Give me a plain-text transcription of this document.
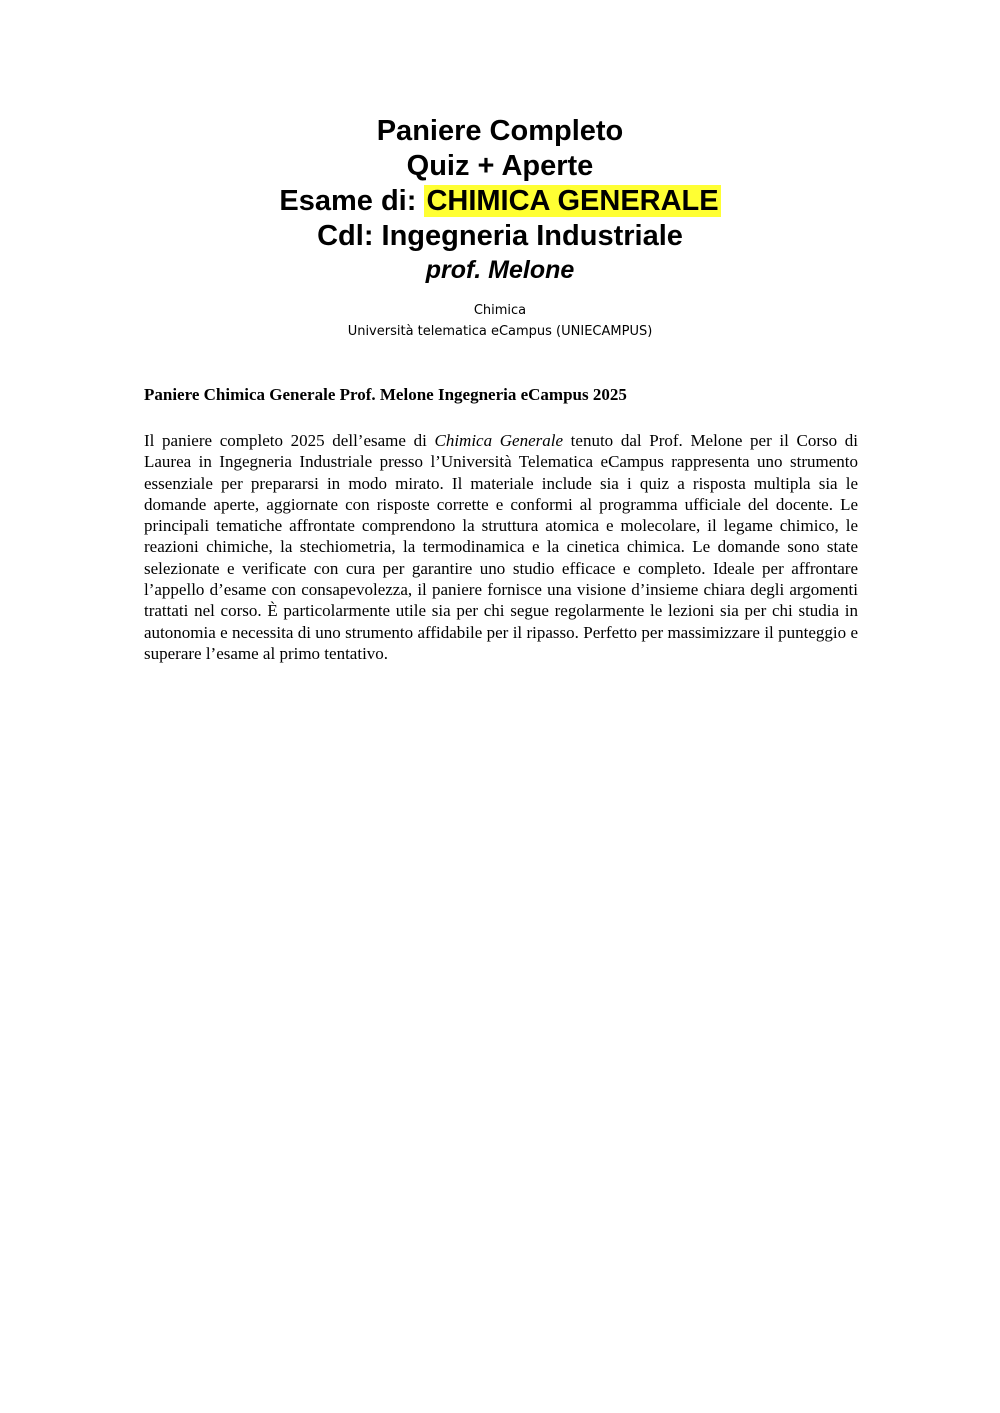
Paniere Completo

Quiz + Aperte

Esame di: CHIMICA GENERALE

Cdl: Ingegneria Industriale

prof. Melone

Chimica
Università telematica eCampus (UNIECAMPUS)

Paniere Chimica Generale Prof. Melone Ingegneria eCampus 2025

Il paniere completo 2025 dell’esame di Chimica Generale tenuto dal Prof. Melone per il Corso di Laurea in Ingegneria Industriale presso l’Università Telematica eCampus rappresenta uno strumento essenziale per prepararsi in modo mirato. Il materiale include sia i quiz a risposta multipla sia le domande aperte, aggiornate con risposte corrette e conformi al programma ufficiale del docente. Le principali tematiche affrontate comprendono la struttura atomica e molecolare, il legame chimico, le reazioni chimiche, la stechiometria, la termodinamica e la cinetica chimica. Le domande sono state selezionate e verificate con cura per garantire uno studio efficace e completo. Ideale per affrontare l’appello d’esame con consapevolezza, il paniere fornisce una visione d’insieme chiara degli argomenti trattati nel corso. È particolarmente utile sia per chi segue regolarmente le lezioni sia per chi studia in autonomia e necessita di uno strumento affidabile per il ripasso. Perfetto per massimizzare il punteggio e superare l’esame al primo tentativo.
